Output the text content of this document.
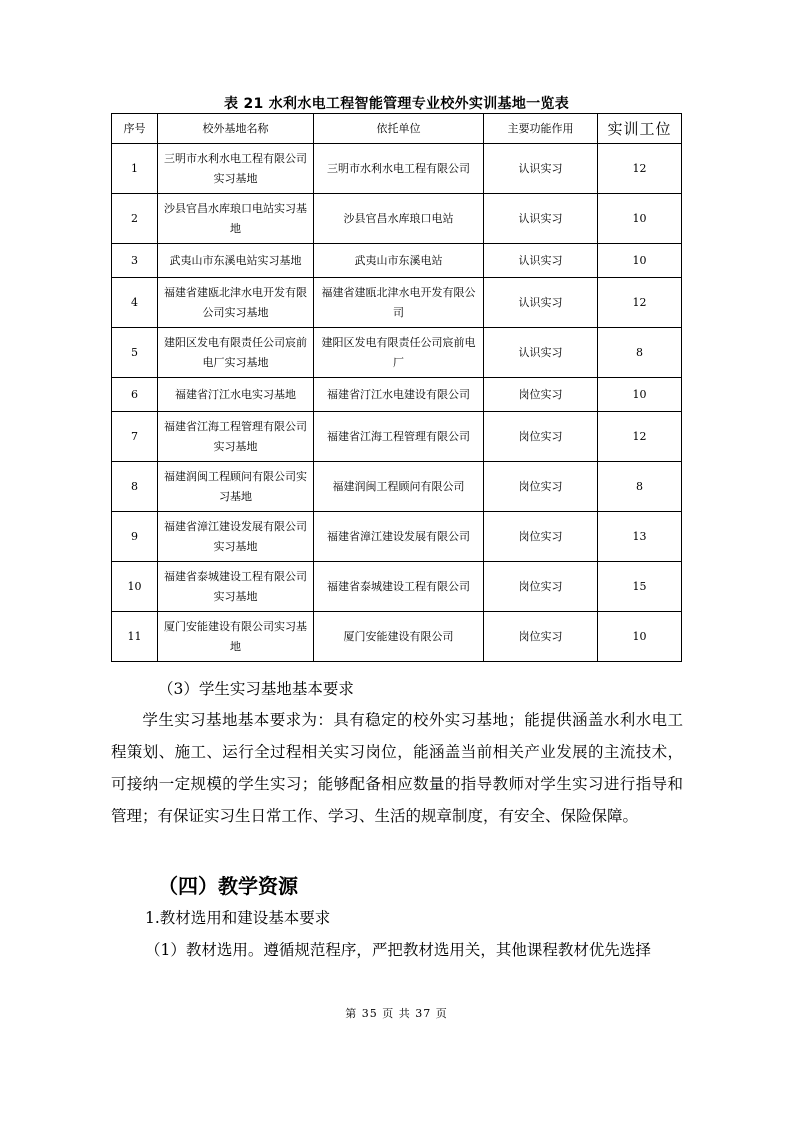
表 21 水利水电工程智能管理专业校外实训基地一览表
序号	校外基地名称	依托单位	主要功能作用	实训工位
1	三明市水利水电工程有限公司实习基地	三明市水利水电工程有限公司	认识实习	12
2	沙县官昌水库琅口电站实习基地	沙县官昌水库琅口电站	认识实习	10
3	武夷山市东溪电站实习基地	武夷山市东溪电站	认识实习	10
4	福建省建瓯北津水电开发有限公司实习基地	福建省建瓯北津水电开发有限公司	认识实习	12
5	建阳区发电有限责任公司宸前电厂实习基地	建阳区发电有限责任公司宸前电厂	认识实习	8
6	福建省汀江水电实习基地	福建省汀江水电建设有限公司	岗位实习	10
7	福建省江海工程管理有限公司实习基地	福建省江海工程管理有限公司	岗位实习	12
8	福建润闽工程顾问有限公司实习基地	福建润闽工程顾问有限公司	岗位实习	8
9	福建省漳江建设发展有限公司实习基地	福建省漳江建设发展有限公司	岗位实习	13
10	福建省泰城建设工程有限公司实习基地	福建省泰城建设工程有限公司	岗位实习	15
11	厦门安能建设有限公司实习基地	厦门安能建设有限公司	岗位实习	10
（3）学生实习基地基本要求
学生实习基地基本要求为：具有稳定的校外实习基地；能提供涵盖水利水电工程策划、施工、运行全过程相关实习岗位，能涵盖当前相关产业发展的主流技术，可接纳一定规模的学生实习；能够配备相应数量的指导教师对学生实习进行指导和管理；有保证实习生日常工作、学习、生活的规章制度，有安全、保险保障。
（四）教学资源
1.教材选用和建设基本要求
（1）教材选用。遵循规范程序，严把教材选用关，其他课程教材优先选择
第 35 页 共 37 页
